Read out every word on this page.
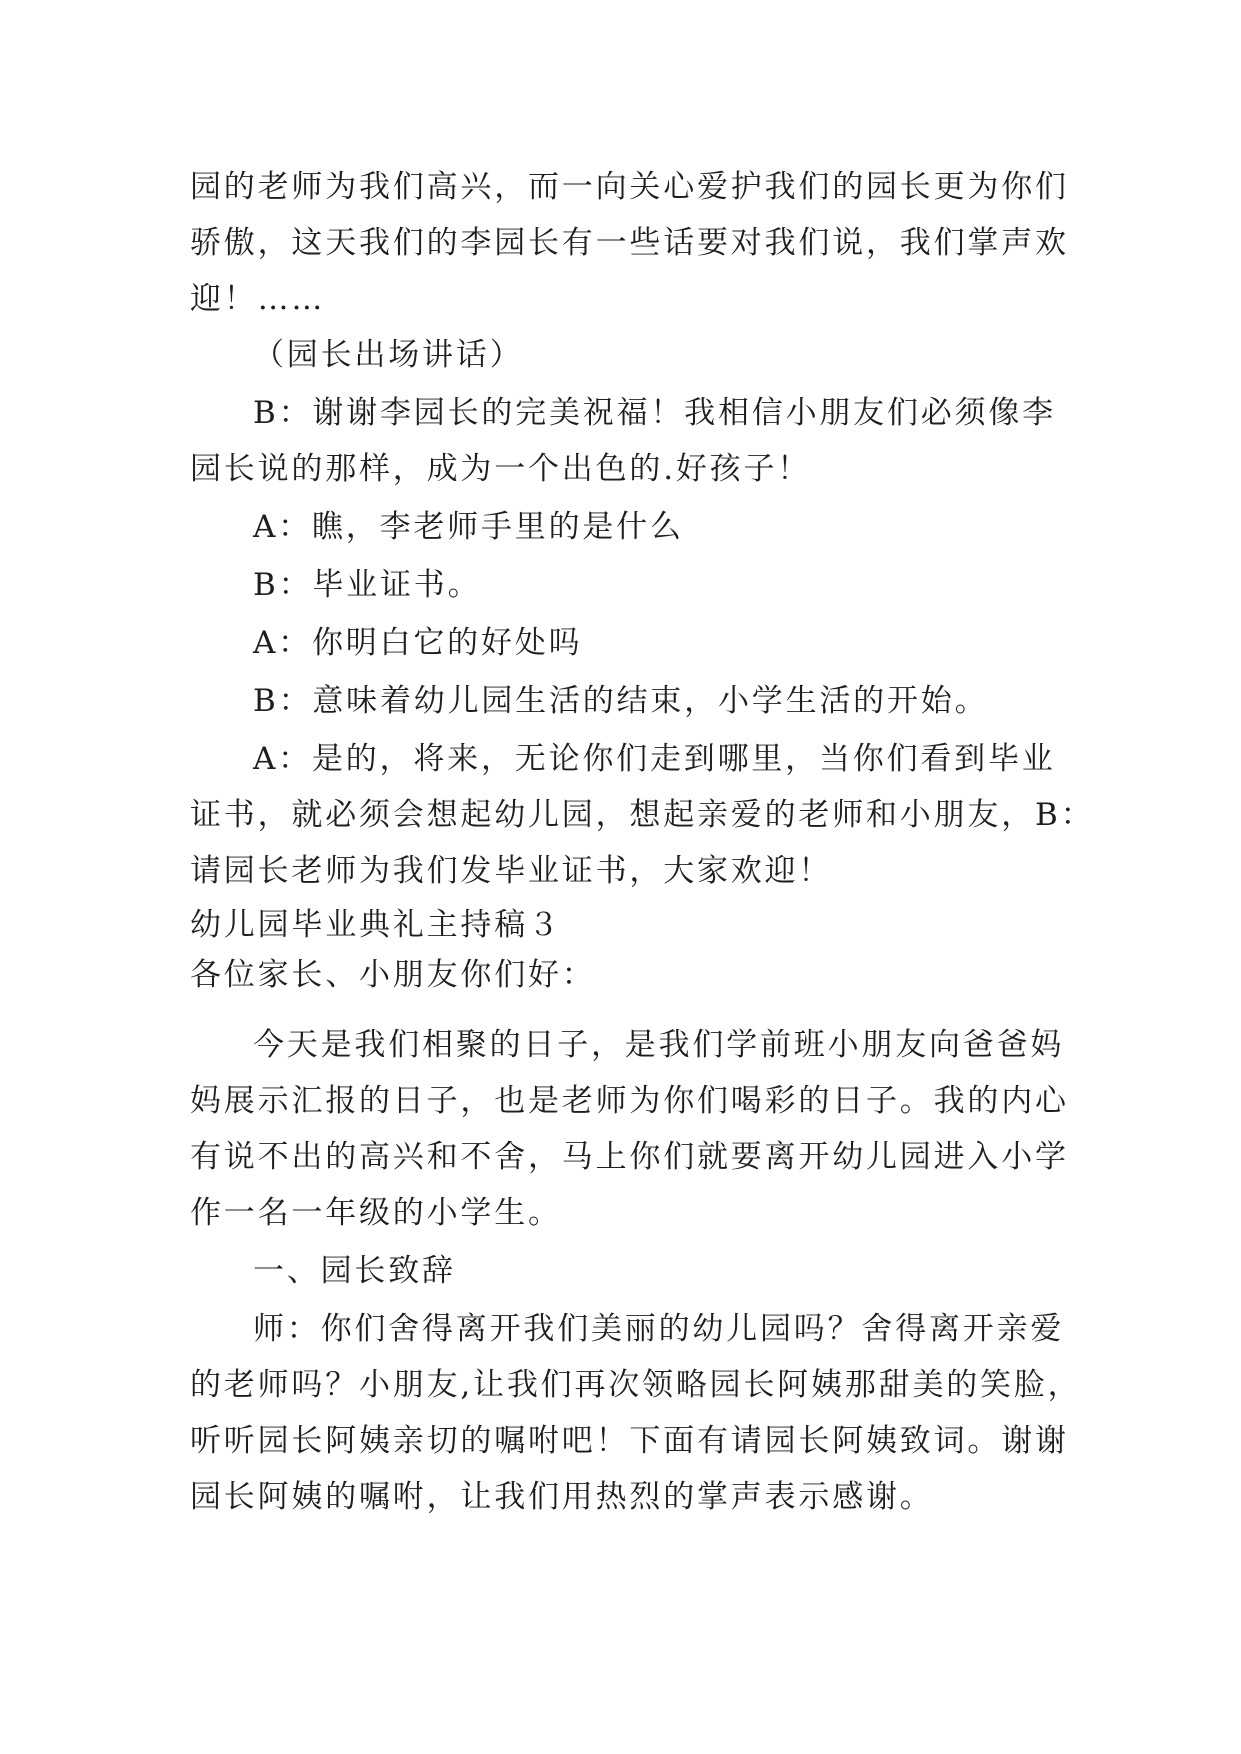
园的老师为我们高兴，而一向关心爱护我们的园长更为你们
骄傲，这天我们的李园长有一些话要对我们说，我们掌声欢
迎！……
（园长出场讲话）
B：谢谢李园长的完美祝福！我相信小朋友们必须像李
园长说的那样，成为一个出色的.好孩子！
A：瞧，李老师手里的是什么
B：毕业证书。
A：你明白它的好处吗
B：意味着幼儿园生活的结束，小学生活的开始。
A：是的，将来，无论你们走到哪里，当你们看到毕业
证书，就必须会想起幼儿园，想起亲爱的老师和小朋友，B：
请园长老师为我们发毕业证书，大家欢迎！
幼儿园毕业典礼主持稿３
各位家长、小朋友你们好：
今天是我们相聚的日子，是我们学前班小朋友向爸爸妈
妈展示汇报的日子，也是老师为你们喝彩的日子。我的内心
有说不出的高兴和不舍，马上你们就要离开幼儿园进入小学
作一名一年级的小学生。
一、园长致辞
师：你们舍得离开我们美丽的幼儿园吗？舍得离开亲爱
的老师吗？小朋友,让我们再次领略园长阿姨那甜美的笑脸，
听听园长阿姨亲切的嘱咐吧！下面有请园长阿姨致词。谢谢
园长阿姨的嘱咐，让我们用热烈的掌声表示感谢。
